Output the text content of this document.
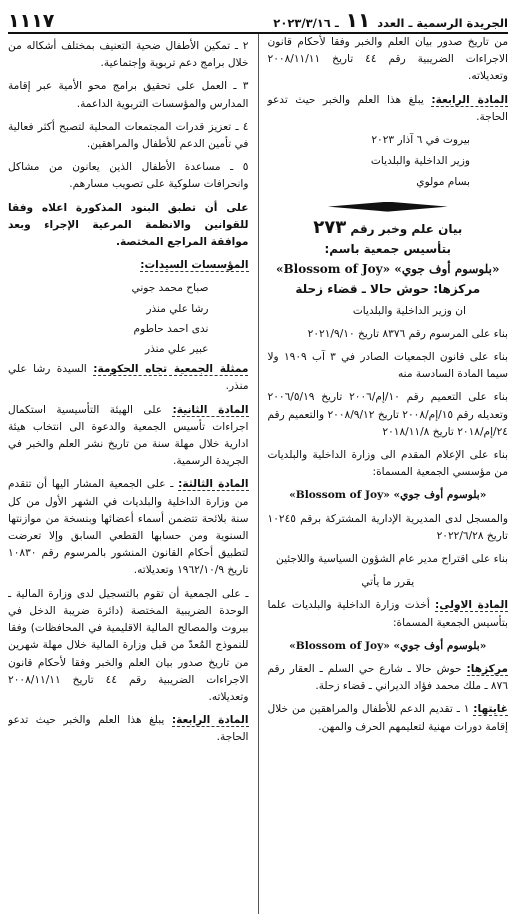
الجريدة الرسمية ـ العدد
١١
ـ ٢٠٢٣/٣/١٦
١١١٧

من تاريخ صدور بيان العلم والخبر وفقا لأحكام قانون الاجراءات الضريبية رقم ٤٤ تاريخ ٢٠٠٨/١١/١١ وتعديلاته.

المادة الرابعة: يبلغ هذا العلم والخبر حيث تدعو الحاجة.

بيروت في ٦ آذار ٢٠٢٣

وزير الداخلية والبلديات

بسام مولوي

بيان علم وخبر رقم ٢٧٣
بتأسيس جمعية باسم:
«Blossom of Joy» «بلوسوم أوف جوي»
مركزها: حوش حالا ـ قضاء زحلة

ان وزير الداخلية والبلديات

بناء على المرسوم رقم ٨٣٧٦ تاريخ ٢٠٢١/٩/١٠

بناء على قانون الجمعيات الصادر في ٣ آب ١٩٠٩ ولا سيما المادة السادسة منه

بناء على التعميم رقم ١٠/إم/٢٠٠٦ تاريخ ٢٠٠٦/٥/١٩ وتعديله رقم ١٥/إم/٢٠٠٨ تاريخ ٢٠٠٨/٩/١٢ والتعميم رقم ٢٤/إم/٢٠١٨ تاريخ ٢٠١٨/١١/٨

بناء على الإعلام المقدم الى وزارة الداخلية والبلديات من مؤسسي الجمعية المسماة:

«Blossom of Joy» «بلوسوم أوف جوي»

والمسجل لدى المديرية الإدارية المشتركة برقم ١٠٢٤٥ تاريخ ٢٠٢٢/٦/٢٨

بناء على اقتراح مدير عام الشؤون السياسية واللاجئين

يقرر ما يأتي

المادة الاولى: أخذت وزارة الداخلية والبلديات علما بتأسيس الجمعية المسماة:

«Blossom of Joy» «بلوسوم أوف جوي»

مركزها: حوش حالا ـ شارع حي السلم ـ العقار رقم ٨٧٦ ـ ملك محمد فؤاد الديراني ـ قضاء زحلة.

غايتها: ١ ـ تقديم الدعم للأطفال والمراهقين من خلال إقامة دورات مهنية لتعليمهم الحرف والمهن.

٢ ـ تمكين الأطفال ضحية التعنيف بمختلف أشكاله من خلال برامج دعم تربوية وإجتماعية.

٣ ـ العمل على تحقيق برامج محو الأمية عبر إقامة المدارس والمؤسسات التربوية الداعمة.

٤ ـ تعزيز قدرات المجتمعات المحلية لتصبح أكثر فعالية في تأمين الدعم للأطفال والمراهقين.

٥ ـ مساعدة الأطفال الذين يعانون من مشاكل وانحرافات سلوكية على تصويب مسارهم.

على أن تطبق البنود المذكورة اعلاه وفقا للقوانين والانظمة المرعية الإجراء وبعد موافقة المراجع المختصة.

المؤسسات السيدات:

صباح محمد جوني
رشا علي منذر
ندى احمد حاطوم
عبير علي منذر

ممثلة الجمعية تجاه الحكومة: السيدة رشا علي منذر.

المادة الثانية: على الهيئة التأسيسية استكمال اجراءات تأسيس الجمعية والدعوة الى انتخاب هيئة ادارية خلال مهلة سنة من تاريخ نشر العلم والخبر في الجريدة الرسمية.

المادة الثالثة: ـ على الجمعية المشار اليها أن تتقدم من وزارة الداخلية والبلديات في الشهر الأول من كل سنة بلائحة تتضمن أسماء أعضائها وبنسخة من موازنتها السنوية ومن حسابها القطعي السابق وإلا تعرضت لتطبيق أحكام القانون المنشور بالمرسوم رقم ١٠٨٣٠ تاريخ ١٩٦٢/١٠/٩ وتعديلاته.

ـ على الجمعية أن تقوم بالتسجيل لدى وزارة المالية ـ الوحدة الضريبية المختصة (دائرة ضريبة الدخل في بيروت والمصالح المالية الاقليمية في المحافظات) وفقا للنموذج المُعدّ من قبل وزارة المالية خلال مهلة شهرين من تاريخ صدور بيان العلم والخبر وفقا لأحكام قانون الاجراءات الضريبية رقم ٤٤ تاريخ ٢٠٠٨/١١/١١ وتعديلاته.

المادة الرابعة: يبلغ هذا العلم والخبر حيث تدعو الحاجة.
